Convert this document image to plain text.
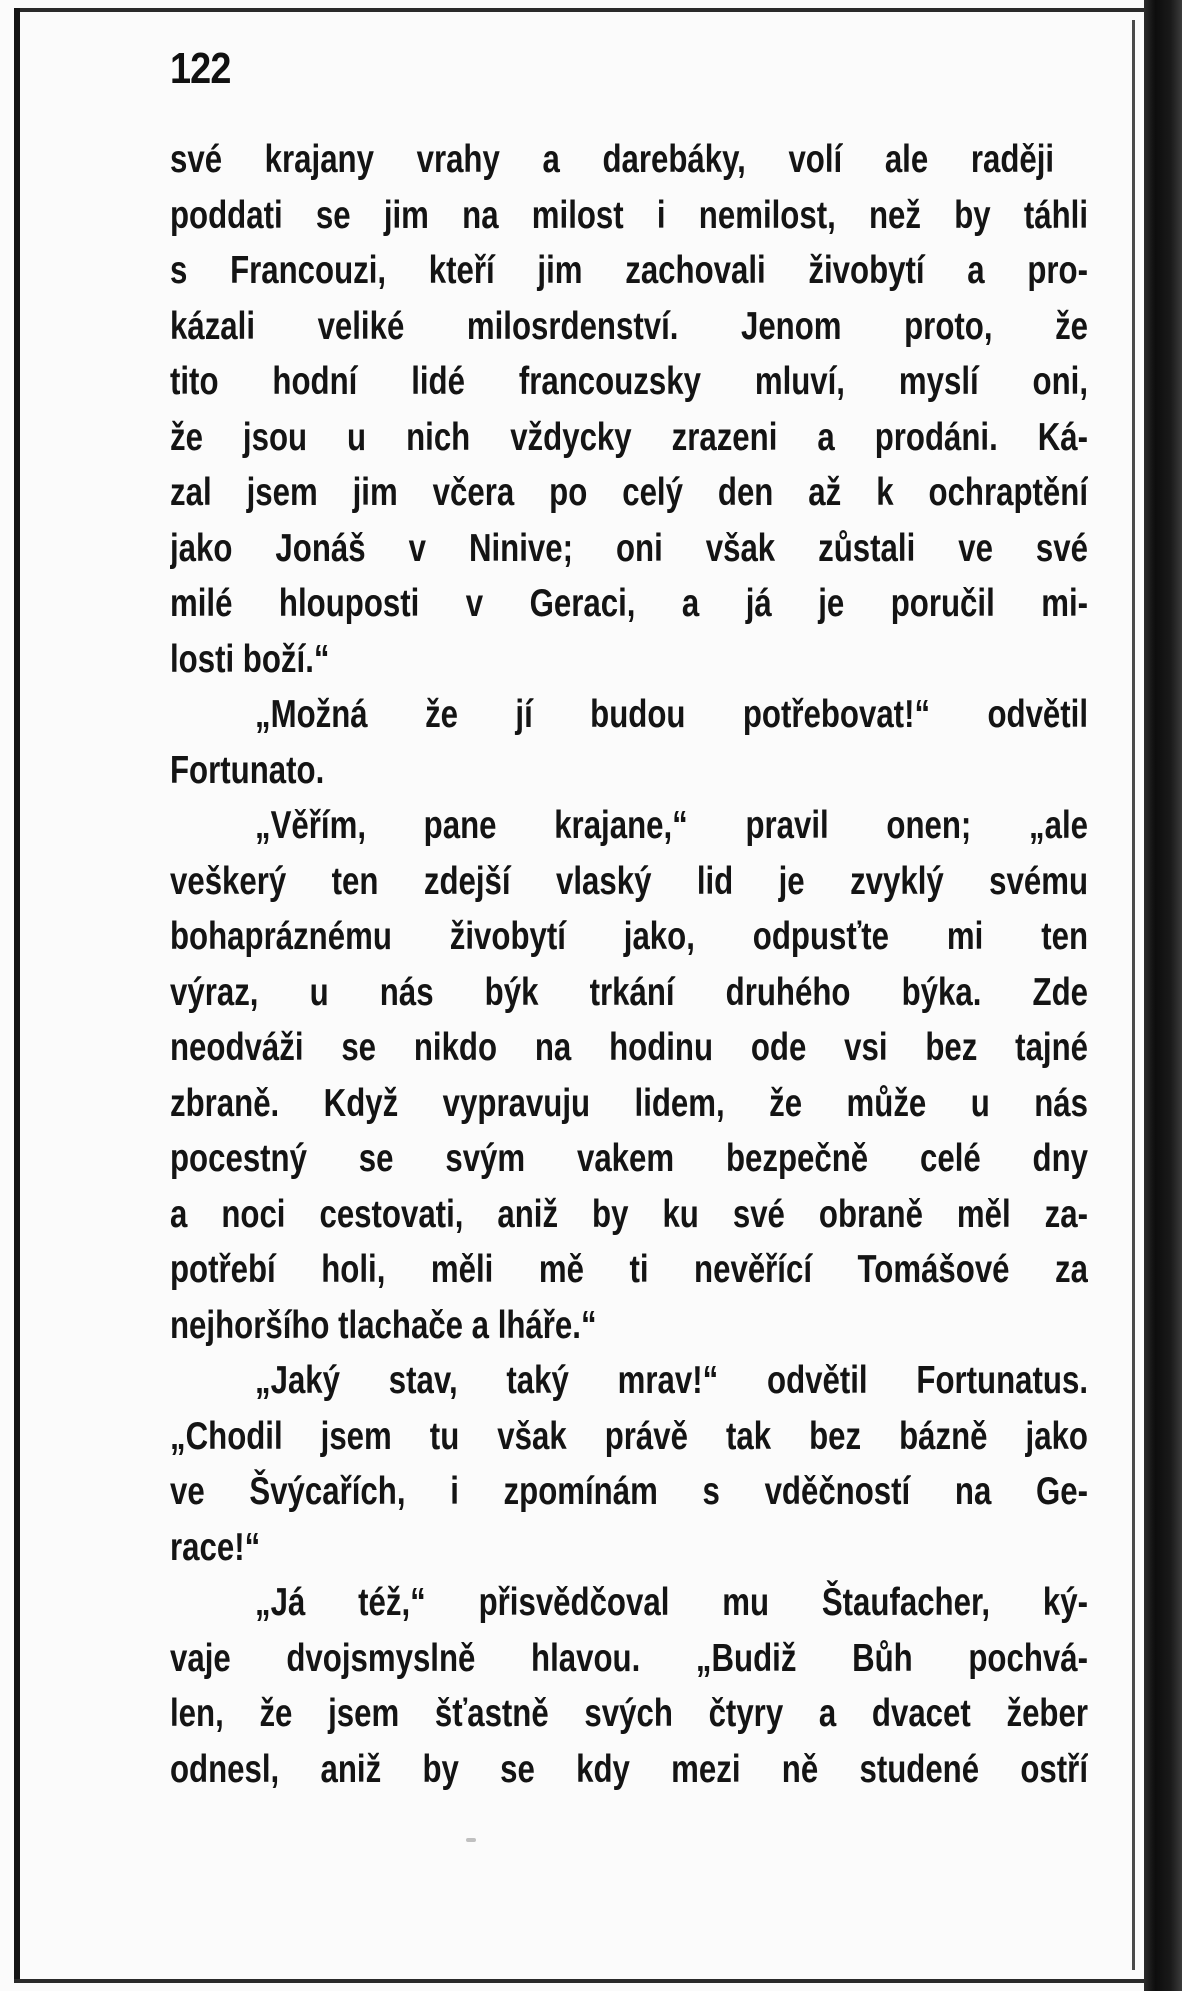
122
své krajany vrahy a darebáky, volí ale raději
poddati se jim na milost i nemilost, než by táhli
s Francouzi, kteří jim zachovali živobytí a pro-
kázali veliké milosrdenství. Jenom proto, že
tito hodní lidé francouzsky mluví, myslí oni,
že jsou u nich vždycky zrazeni a prodáni. Ká-
zal jsem jim včera po celý den až k ochraptění
jako Jonáš v Ninive; oni však zůstali ve své
milé hlouposti v Geraci, a já je poručil mi-
losti boží.“
„Možná že jí budou potřebovat!“ odvětil
Fortunato.
„Věřím, pane krajane,“ pravil onen; „ale
veškerý ten zdejší vlaský lid je zvyklý svému
bohapráznému živobytí jako, odpusťte mi ten
výraz, u nás býk trkání druhého býka. Zde
neodváži se nikdo na hodinu ode vsi bez tajné
zbraně. Když vypravuju lidem, že může u nás
pocestný se svým vakem bezpečně celé dny
a noci cestovati, aniž by ku své obraně měl za-
potřebí holi, měli mě ti nevěřící Tomášové za
nejhoršího tlachače a lháře.“
„Jaký stav, taký mrav!“ odvětil Fortunatus.
„Chodil jsem tu však právě tak bez bázně jako
ve Švýcařích, i zpomínám s vděčností na Ge-
race!“
„Já též,“ přisvědčoval mu Štaufacher, ký-
vaje dvojsmyslně hlavou. „Budiž Bůh pochvá-
len, že jsem šťastně svých čtyry a dvacet žeber
odnesl, aniž by se kdy mezi ně studené ostří
